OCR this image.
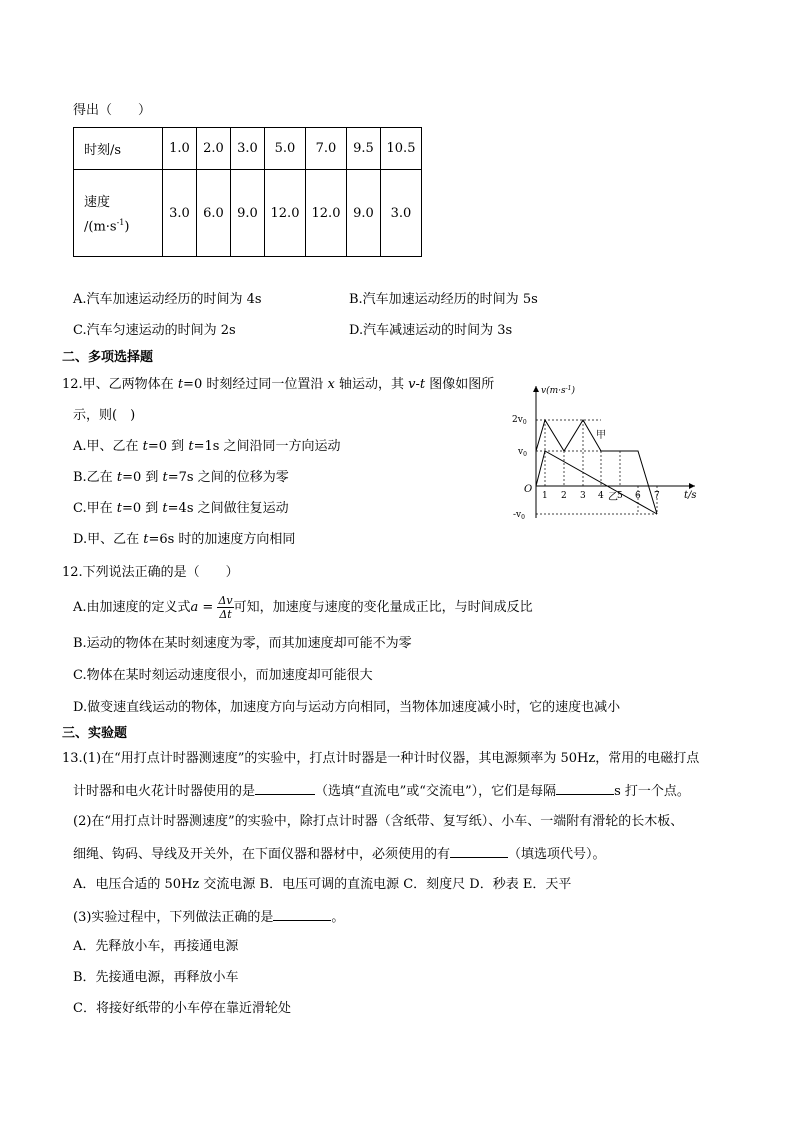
得出（　　）
时刻/s	1.0	2.0	3.0	5.0	7.0	9.5	10.5

速度
$/(m\cdot s^{-1})$	3.0	6.0	9.0	12.0	12.0	9.0	3.0
A.汽车加速运动经历的时间为 4s	B.汽车加速运动经历的时间为 5s
C.汽车匀速运动的时间为 2s	D.汽车减速运动的时间为 3s
二、多项选择题
12.甲、乙两物体在 t=0 时刻经过同一位置沿 x 轴运动，其 v-t 图像如图所
示，则(　)
A.甲、乙在 t=0 到 t=1s 之间沿同一方向运动
B.乙在 t=0 到 t=7s 之间的位移为零
C.甲在 t=0 到 t=4s 之间做往复运动
D.甲、乙在 t=6s 时的加速度方向相同
$v(m\cdot s^{-1})$
t/s
O
$2v_0$
$v_0$
$-v_0$
1 2 3 4 5 6 7
甲
乙
12.下列说法正确的是（　　）
A.由加速度的定义式$a = \frac{\Delta v}{\Delta t}$ 可知，加速度与速度的变化量成正比，与时间成反比
B.运动的物体在某时刻速度为零，而其加速度却可能不为零
C.物体在某时刻运动速度很小，而加速度却可能很大
D.做变速直线运动的物体，加速度方向与运动方向相同，当物体加速度减小时，它的速度也减小
三、实验题
13.(1)在“用打点计时器测速度”的实验中，打点计时器是一种计时仪器，其电源频率为 50Hz，常用的电磁打点
计时器和电火花计时器使用的是	（选填“直流电”或“交流电”），它们是每隔	s 打一个点。
(2)在“用打点计时器测速度”的实验中，除打点计时器（含纸带、复写纸）、小车、一端附有滑轮的长木板、
细绳、钩码、导线及开关外，在下面仪器和器材中，必须使用的有	（填选项代号）。
A．电压合适的 50Hz 交流电源 B．电压可调的直流电源 C．刻度尺 D．秒表 E．天平
(3)实验过程中，下列做法正确的是	。
A．先释放小车，再接通电源
B．先接通电源，再释放小车
C．将接好纸带的小车停在靠近滑轮处
